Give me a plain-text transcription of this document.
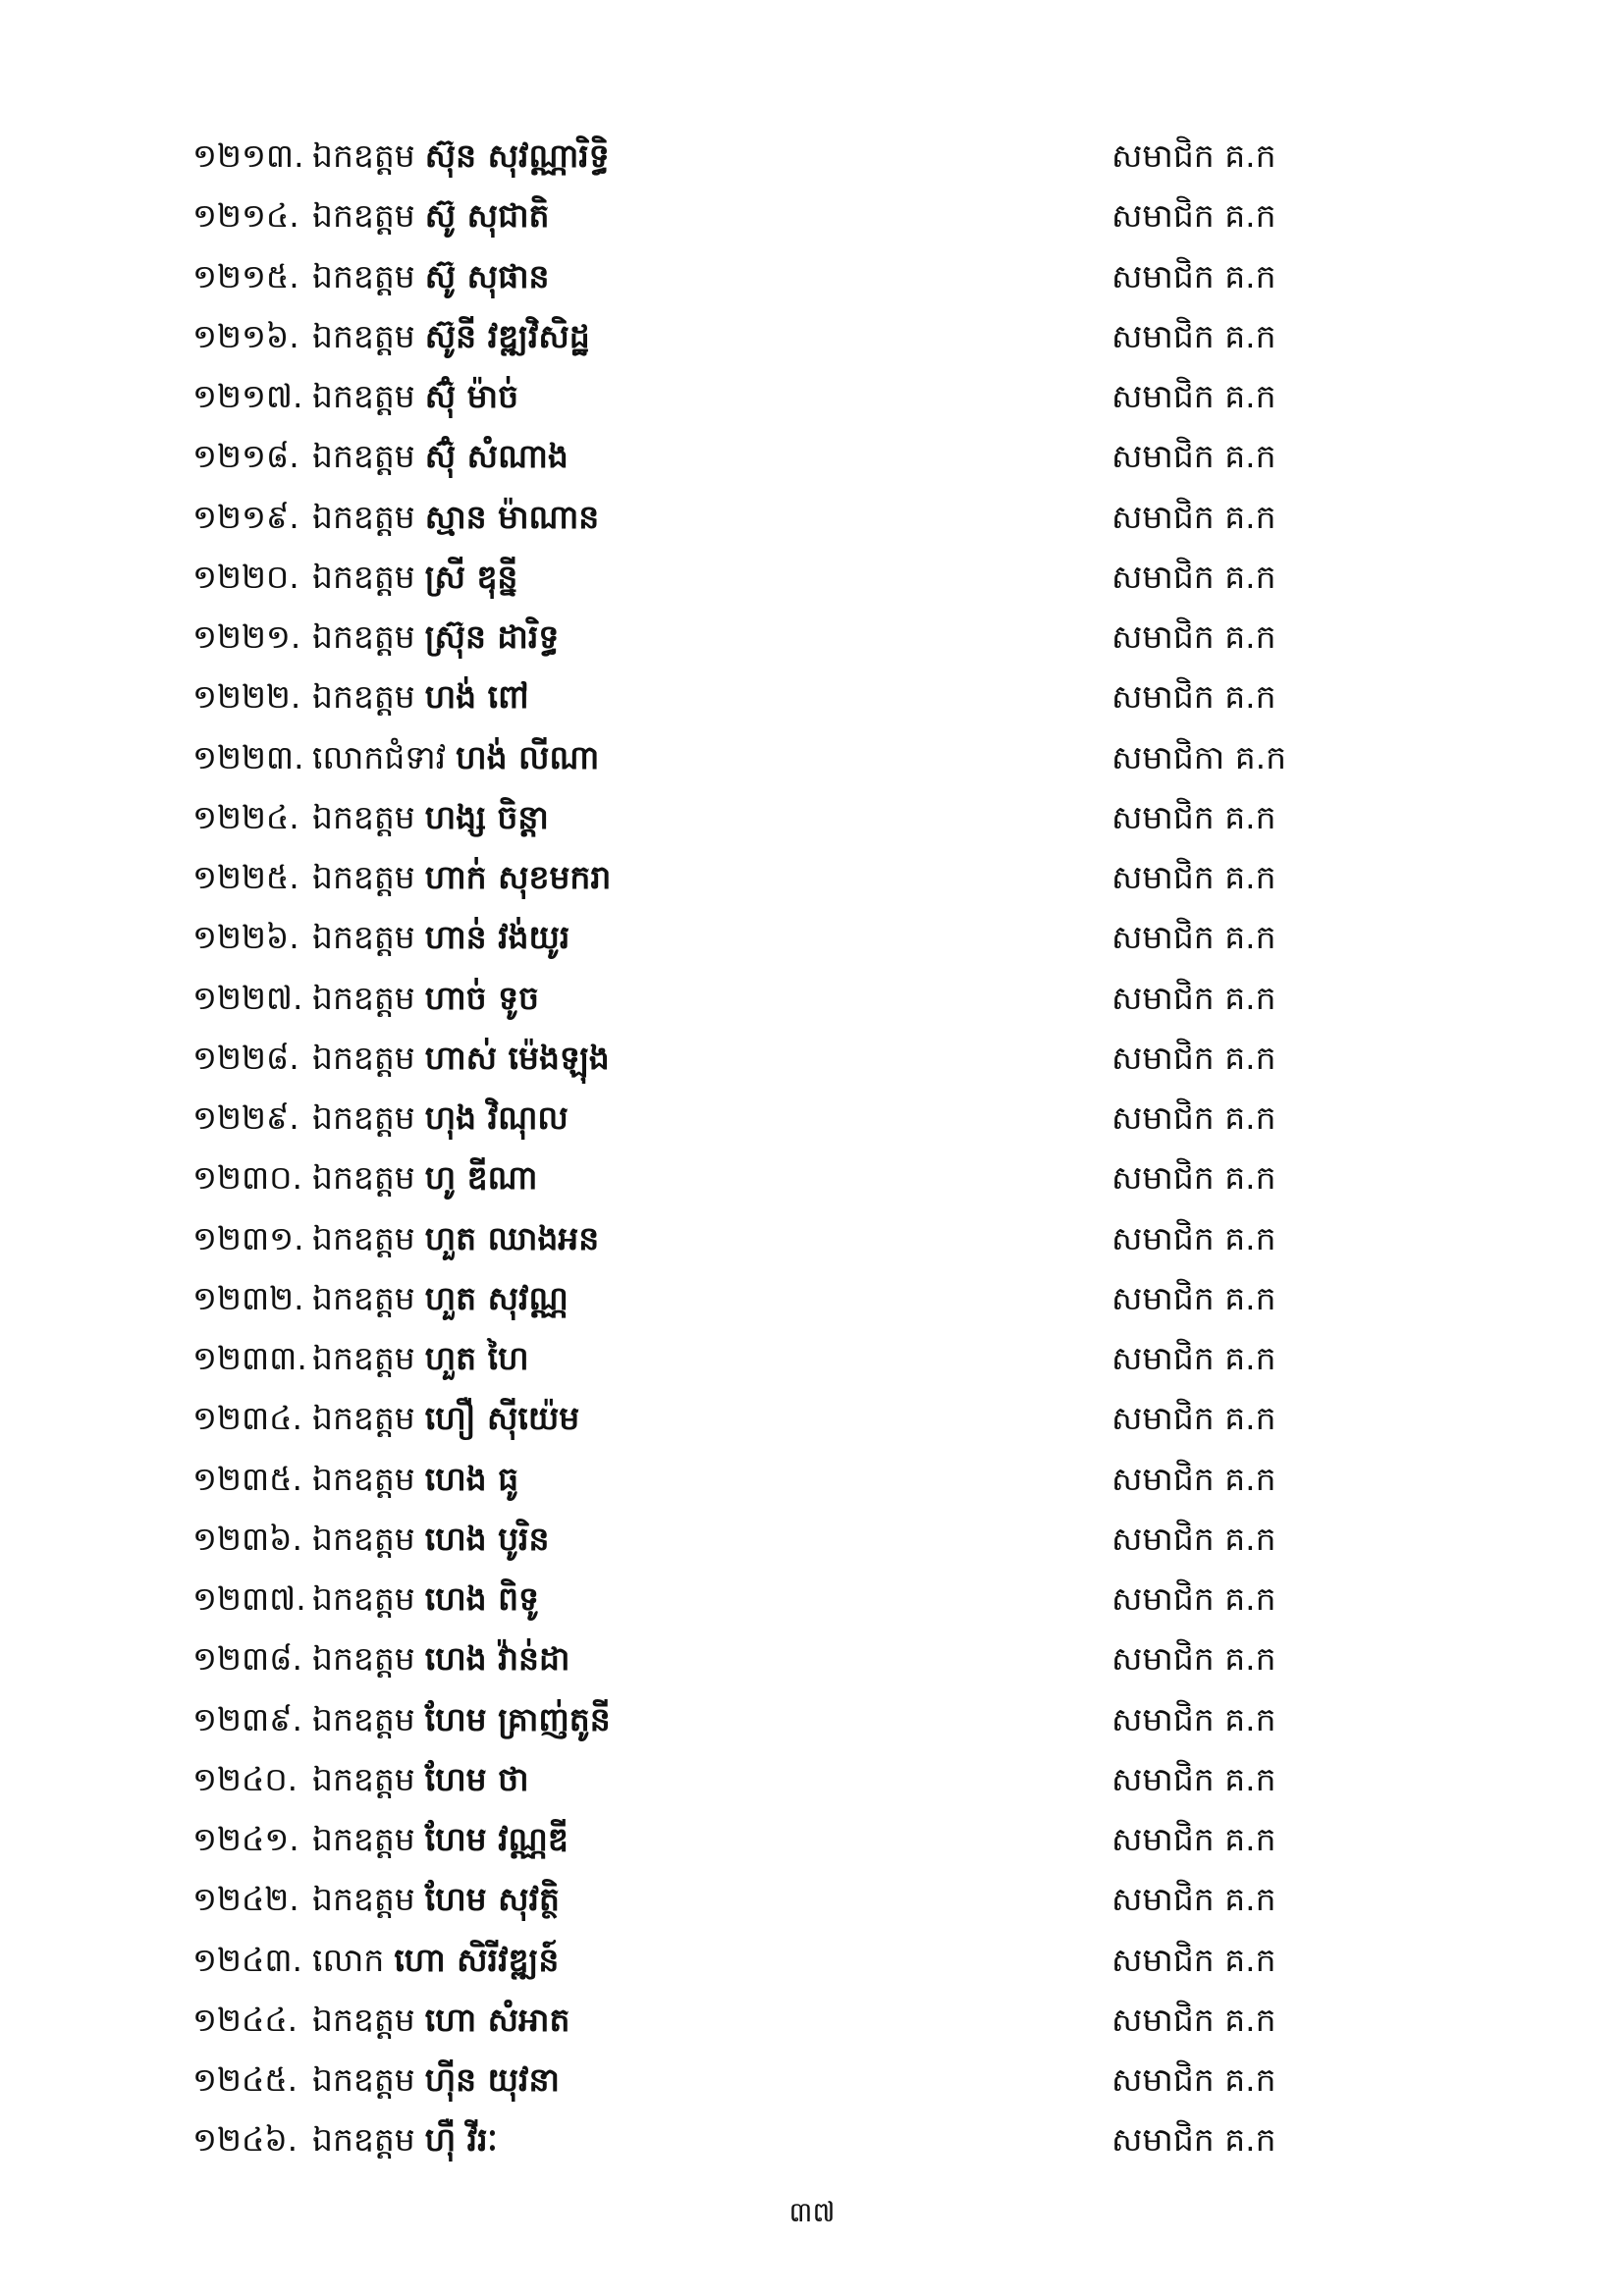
១២១៣. ឯកឧត្តម ស៊ុន សុវណ្ណារិទ្ធិ	សមាជិក គ.ក
១២១៤. ឯកឧត្តម ស៊ូ សុជាតិ	សមាជិក គ.ក
១២១៥. ឯកឧត្តម ស៊ូ សុផាន	សមាជិក គ.ក
១២១៦. ឯកឧត្តម ស៊ូនី វឌ្ឍវិសិដ្ឋ	សមាជិក គ.ក
១២១៧. ឯកឧត្តម ស៊ុំ ម៉ាច់	សមាជិក គ.ក
១២១៨. ឯកឧត្តម ស៊ុំ សំណាង	សមាជិក គ.ក
១២១៩. ឯកឧត្តម ស្មាន ម៉ាណាន	សមាជិក គ.ក
១២២០. ឯកឧត្តម ស្រី ឌុន្នី	សមាជិក គ.ក
១២២១. ឯកឧត្តម ស្រ៊ុន ដារិទ្ធ	សមាជិក គ.ក
១២២២. ឯកឧត្តម ហង់ ពៅ	សមាជិក គ.ក
១២២៣. លោកជំទាវ ហង់ លីណា	សមាជិកា គ.ក
១២២៤. ឯកឧត្តម ហង្ស ចិន្តា	សមាជិក គ.ក
១២២៥. ឯកឧត្តម ហាក់ សុខមករា	សមាជិក គ.ក
១២២៦. ឯកឧត្តម ហាន់ វង់យូរ	សមាជិក គ.ក
១២២៧. ឯកឧត្តម ហាច់ ទូច	សមាជិក គ.ក
១២២៨. ឯកឧត្តម ហាស់ ម៉េងឡុង	សមាជិក គ.ក
១២២៩. ឯកឧត្តម ហុង វិណុល	សមាជិក គ.ក
១២៣០. ឯកឧត្តម ហូ ឌីណា	សមាជិក គ.ក
១២៣១. ឯកឧត្តម ហួត ឈាងអន	សមាជិក គ.ក
១២៣២. ឯកឧត្តម ហួត សុវណ្ណ	សមាជិក គ.ក
១២៣៣. ឯកឧត្តម ហួត ហៃ	សមាជិក គ.ក
១២៣៤. ឯកឧត្តម ហឿ ស៊ីយ៉េម	សមាជិក គ.ក
១២៣៥. ឯកឧត្តម ហេង ធូ	សមាជិក គ.ក
១២៣៦. ឯកឧត្តម ហេង បូរិន	សមាជិក គ.ក
១២៣៧. ឯកឧត្តម ហេង ពិទូ	សមាជិក គ.ក
១២៣៨. ឯកឧត្តម ហេង វ៉ាន់ដា	សមាជិក គ.ក
១២៣៩. ឯកឧត្តម ហែម គ្រាញ់តូនី	សមាជិក គ.ក
១២៤០. ឯកឧត្តម ហែម ថា	សមាជិក គ.ក
១២៤១. ឯកឧត្តម ហែម វណ្ណឌី	សមាជិក គ.ក
១២៤២. ឯកឧត្តម ហែម សុវត្ថិ	សមាជិក គ.ក
១២៤៣. លោក ហោ សិរីវឌ្ឍន៍	សមាជិក គ.ក
១២៤៤. ឯកឧត្តម ហោ សំអាត	សមាជិក គ.ក
១២៤៥. ឯកឧត្តម ហ៊ីន យុវនា	សមាជិក គ.ក
១២៤៦. ឯកឧត្តម ហ៊ឺ វីរៈ	សមាជិក គ.ក
៣៧
